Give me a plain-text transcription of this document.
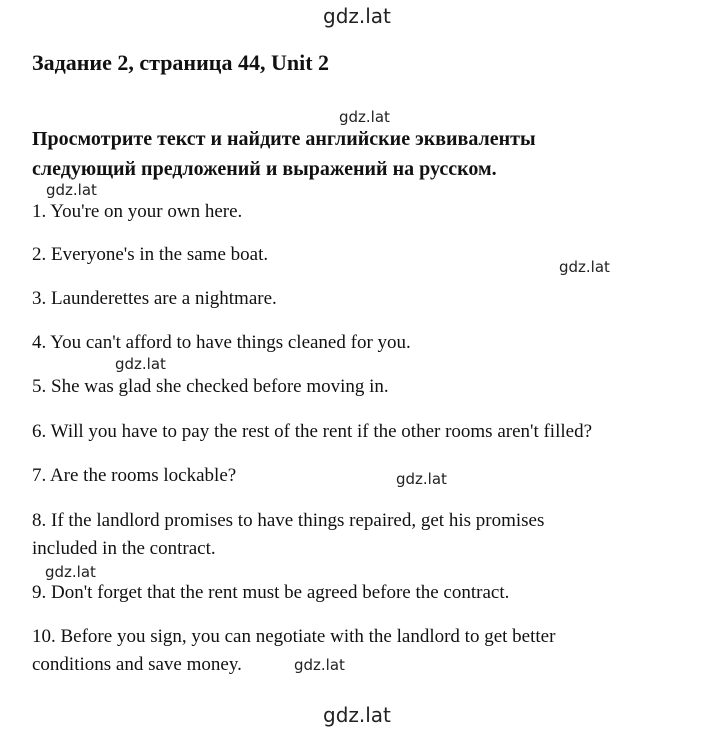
gdz.lat
gdz.lat
gdz.lat
gdz.lat
gdz.lat
gdz.lat
gdz.lat
gdz.lat
gdz.lat
Задание 2, страница 44, Unit 2
Просмотрите текст и найдите английские эквиваленты
следующий предложений и выражений на русском.
1. You're on your own here.
2. Everyone's in the same boat.
3. Launderettes are a nightmare.
4. You can't afford to have things cleaned for you.
5. She was glad she checked before moving in.
6. Will you have to pay the rest of the rent if the other rooms aren't filled?
7. Are the rooms lockable?
8. If the landlord promises to have things repaired, get his promises
included in the contract.
9. Don't forget that the rent must be agreed before the contract.
10. Before you sign, you can negotiate with the landlord to get better
conditions and save money.
